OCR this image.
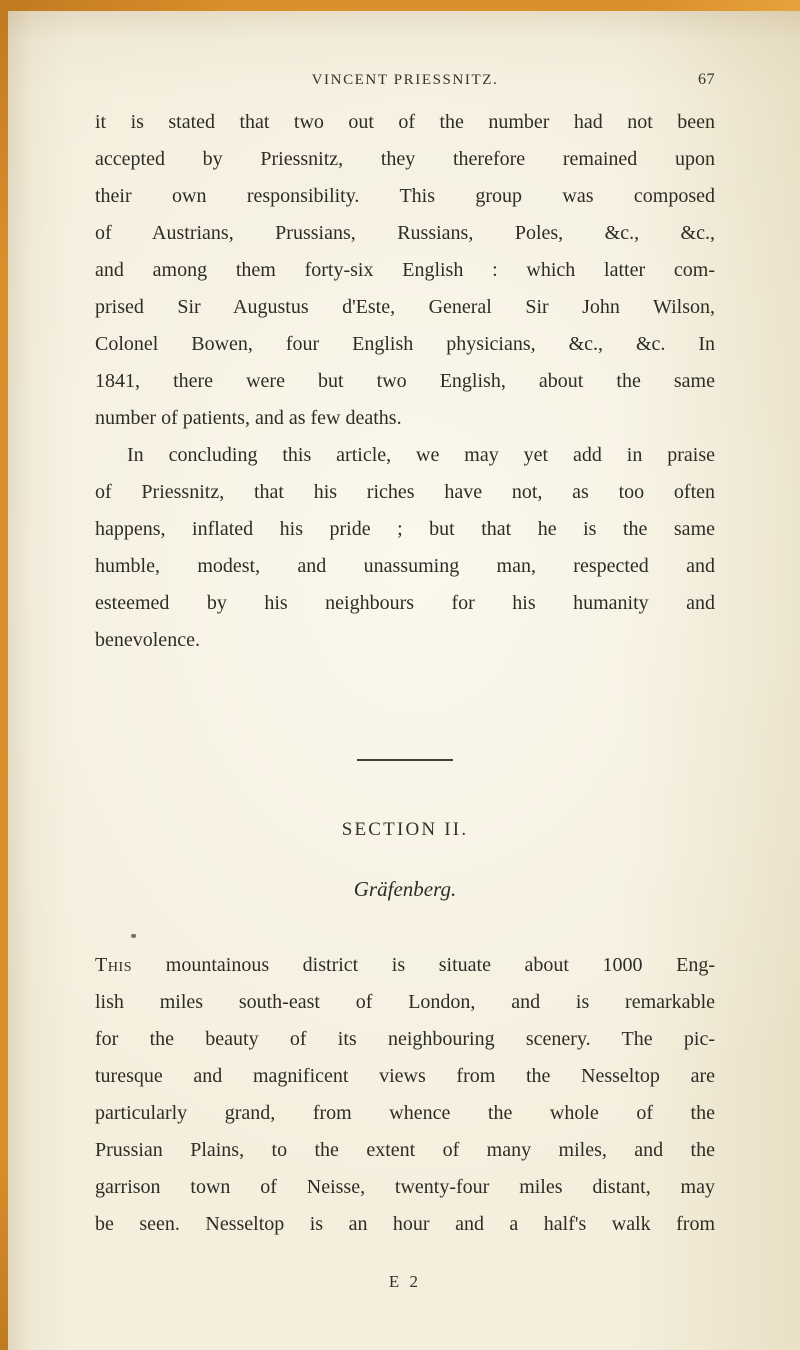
VINCENT PRIESSNITZ.	67
it is stated that two out of the number had not been
accepted by Priessnitz, they therefore remained upon
their own responsibility. This group was composed
of Austrians, Prussians, Russians, Poles, &c., &c.,
and among them forty-six English : which latter com-
prised Sir Augustus d'Este, General Sir John Wilson,
Colonel Bowen, four English physicians, &c., &c. In
1841, there were but two English, about the same
number of patients, and as few deaths.
In concluding this article, we may yet add in praise
of Priessnitz, that his riches have not, as too often
happens, inflated his pride ; but that he is the same
humble, modest, and unassuming man, respected and
esteemed by his neighbours for his humanity and
benevolence.
SECTION II.
Gräfenberg.
This mountainous district is situate about 1000 Eng-
lish miles south-east of London, and is remarkable
for the beauty of its neighbouring scenery. The pic-
turesque and magnificent views from the Nesseltop are
particularly grand, from whence the whole of the
Prussian Plains, to the extent of many miles, and the
garrison town of Neisse, twenty-four miles distant, may
be seen. Nesseltop is an hour and a half's walk from
E 2
